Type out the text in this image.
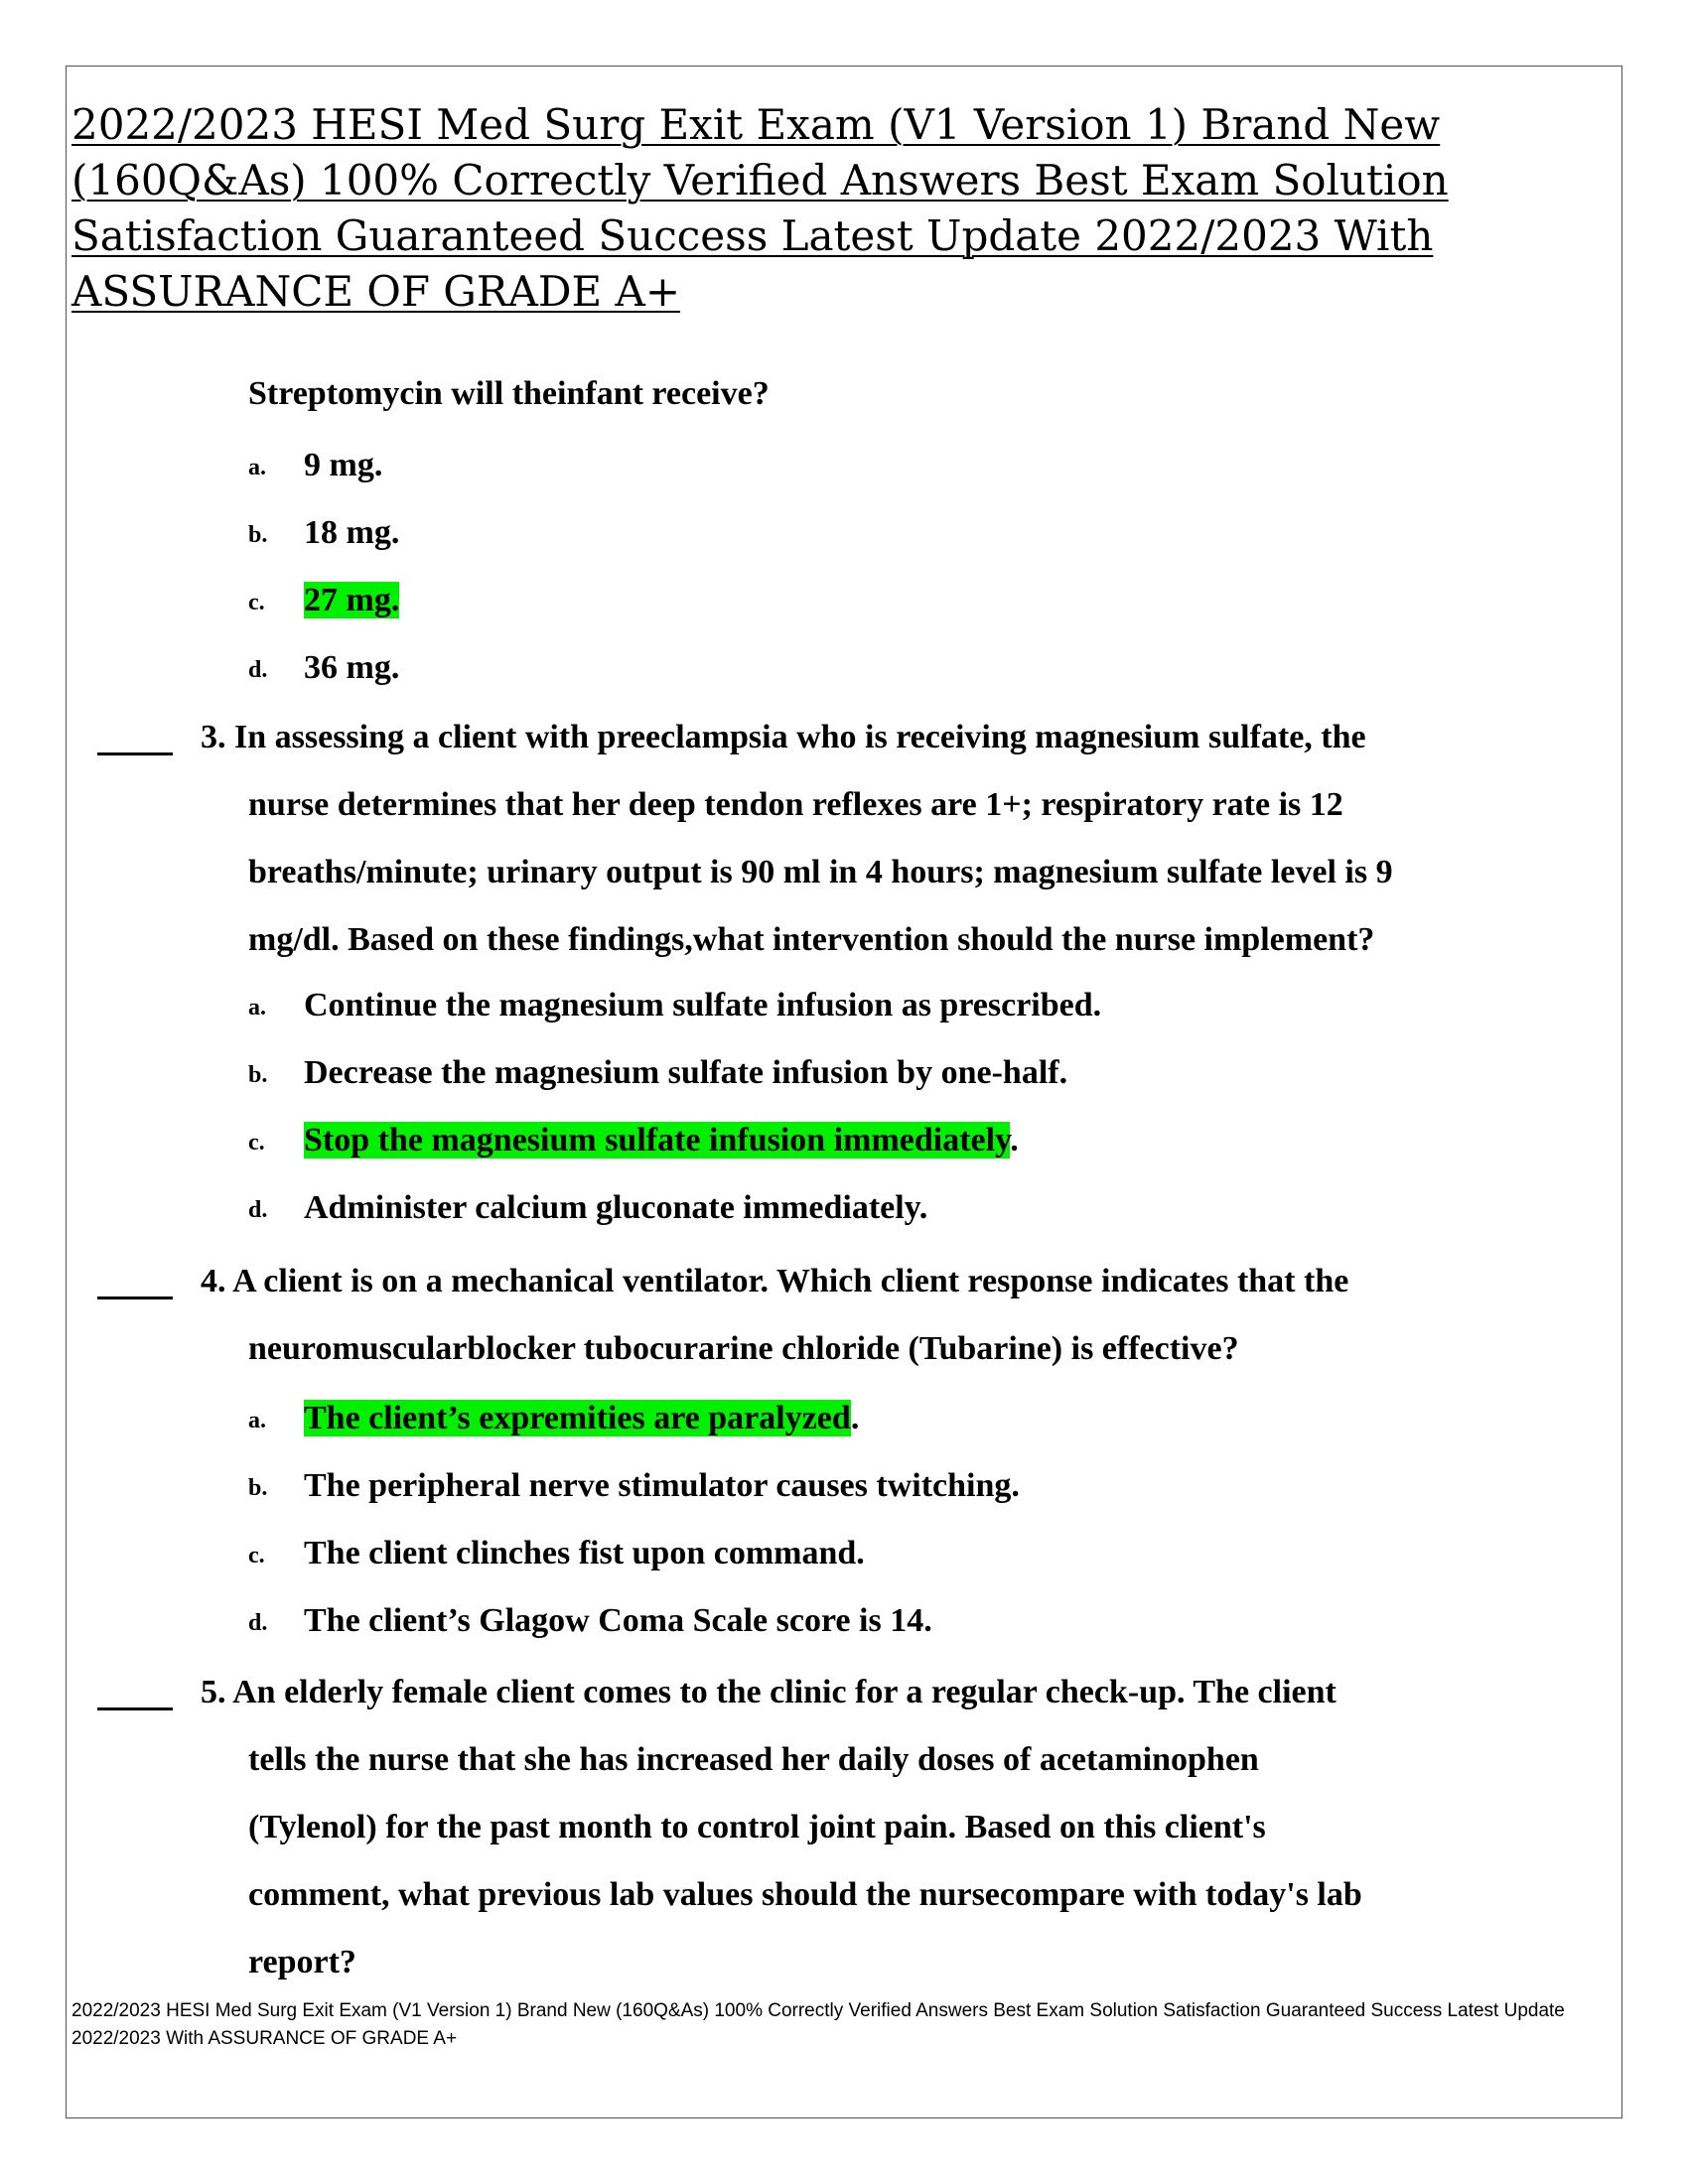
2022/2023 HESI Med Surg Exit Exam (V1 Version 1) Brand New (160Q&As) 100% Correctly Verified Answers Best Exam Solution Satisfaction Guaranteed Success Latest Update 2022/2023 With ASSURANCE OF GRADE A+
Streptomycin will theinfant receive?
a. 9 mg.
b. 18 mg.
c. 27 mg.
d. 36 mg.
3. In assessing a client with preeclampsia who is receiving magnesium sulfate, the
nurse determines that her deep tendon reflexes are 1+; respiratory rate is 12
breaths/minute; urinary output is 90 ml in 4 hours; magnesium sulfate level is 9
mg/dl. Based on these findings,what intervention should the nurse implement?
a. Continue the magnesium sulfate infusion as prescribed.
b. Decrease the magnesium sulfate infusion by one-half.
c. Stop the magnesium sulfate infusion immediately.
d. Administer calcium gluconate immediately.
4. A client is on a mechanical ventilator. Which client response indicates that the
neuromuscularblocker tubocurarine chloride (Tubarine) is effective?
a. The client’s expremities are paralyzed.
b. The peripheral nerve stimulator causes twitching.
c. The client clinches fist upon command.
d. The client’s Glagow Coma Scale score is 14.
5. An elderly female client comes to the clinic for a regular check-up. The client
tells the nurse that she has increased her daily doses of acetaminophen
(Tylenol) for the past month to control joint pain. Based on this client's
comment, what previous lab values should the nursecompare with today's lab
report?
2022/2023 HESI Med Surg Exit Exam (V1 Version 1) Brand New (160Q&As) 100% Correctly Verified Answers Best Exam Solution Satisfaction Guaranteed Success Latest Update 2022/2023 With ASSURANCE OF GRADE A+
